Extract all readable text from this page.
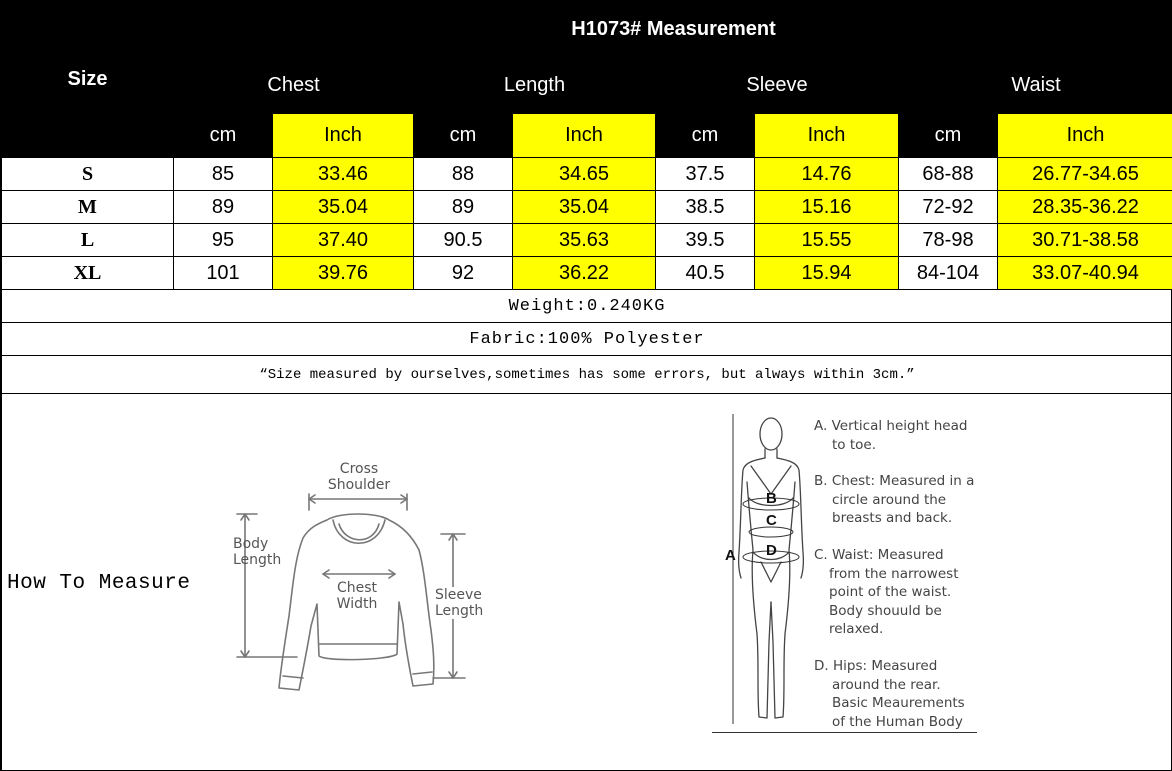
Size	H1073# Measurement							
	Chest		Length		Sleeve		Waist	
	cm	Inch	cm	Inch	cm	Inch	cm	Inch
S	85	33.46	88	34.65	37.5	14.76	68-88	26.77-34.65
M	89	35.04	89	35.04	38.5	15.16	72-92	28.35-36.22
L	95	37.40	90.5	35.63	39.5	15.55	78-98	30.71-38.58
XL	101	39.76	92	36.22	40.5	15.94	84-104	33.07-40.94
Weight:0.240KG
Fabric:100% Polyester
“Size measured by ourselves,sometimes has some errors, but always within 3cm.”
How To Measure
Cross
Shoulder
Body
Length
Chest
Width
Sleeve
Length
A
B
C
D
A. Vertical height head
to toe.
B. Chest: Measured in a
circle around the
breasts and back.
C. Waist: Measured
from the narrowest
point of the waist.
Body shouuld be
relaxed.
D. Hips: Measured
around the rear.
Basic Meaurements
of the Human Body
